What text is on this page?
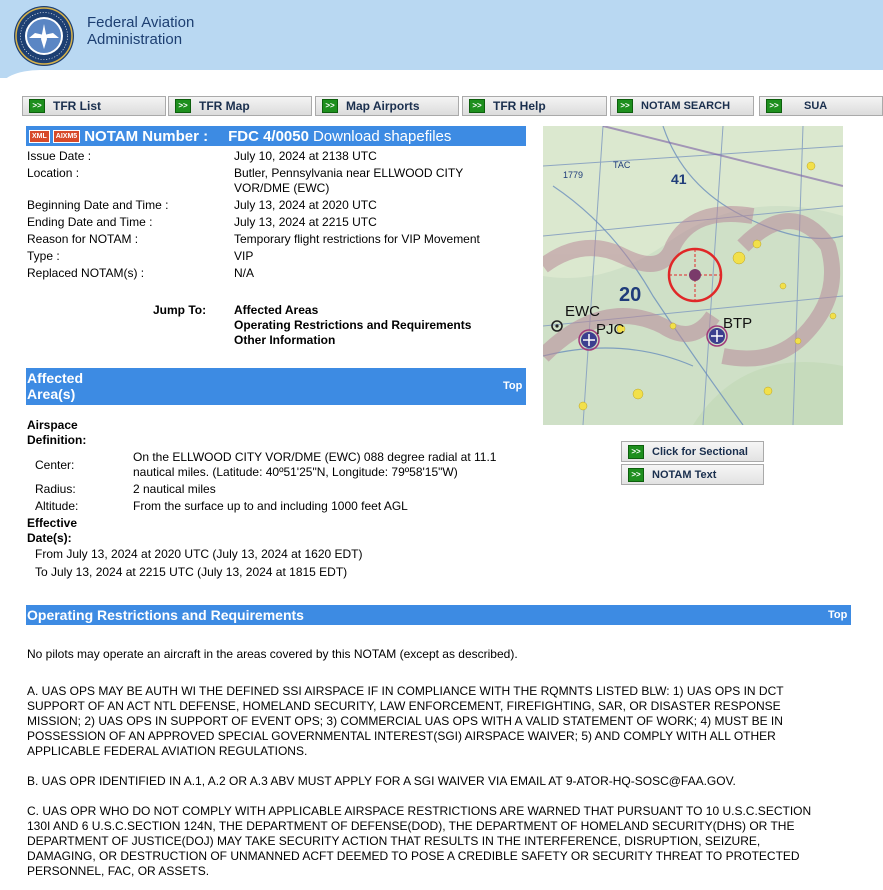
Federal Aviation
Administration
>> TFR List	>> TFR Map	>> Map Airports	>> TFR Help	>>	NOTAM SEARCH	>>	SUA
XML	AIXM5 NOTAM Number : FDC 4/0050 Download shapefiles
Issue Date :	July 10, 2024 at 2138 UTC
Location :	Butler, Pennsylvania near ELLWOOD CITY VOR/DME (EWC)
Beginning Date and Time :	July 13, 2024 at 2020 UTC
Ending Date and Time :	July 13, 2024 at 2215 UTC
Reason for NOTAM :	Temporary flight restrictions for VIP Movement
Type :	VIP
Replaced NOTAM(s) :	N/A
Jump To: Affected Areas
Operating Restrictions and Requirements
Other Information
Affected
Area(s)	Top
Airspace
Definition:
Center:
On the ELLWOOD CITY VOR/DME (EWC) 088 degree radial at 11.1 nautical miles. (Latitude: 40º51'25"N, Longitude: 79º58'15"W)
Radius:	2 nautical miles
Altitude:	From the surface up to and including 1000 feet AGL
Effective
Date(s):
From July 13, 2024 at 2020 UTC (July 13, 2024 at 1620 EDT)
To July 13, 2024 at 2215 UTC (July 13, 2024 at 1815 EDT)
EWC
PJC	BTP
20
1779
TAC
41
>>	Click for Sectional
>>	NOTAM Text
Operating Restrictions and Requirements	Top
No pilots may operate an aircraft in the areas covered by this NOTAM (except as described).
A. UAS OPS MAY BE AUTH WI THE DEFINED SSI AIRSPACE IF IN COMPLIANCE WITH THE RQMNTS LISTED BLW: 1) UAS OPS IN DCT SUPPORT OF AN ACT NTL DEFENSE, HOMELAND SECURITY, LAW ENFORCEMENT, FIREFIGHTING, SAR, OR DISASTER RESPONSE MISSION; 2) UAS OPS IN SUPPORT OF EVENT OPS; 3) COMMERCIAL UAS OPS WITH A VALID STATEMENT OF WORK; 4) MUST BE IN POSSESSION OF AN APPROVED SPECIAL GOVERNMENTAL INTEREST(SGI) AIRSPACE WAIVER; 5) AND COMPLY WITH ALL OTHER APPLICABLE FEDERAL AVIATION REGULATIONS.
B. UAS OPR IDENTIFIED IN A.1, A.2 OR A.3 ABV MUST APPLY FOR A SGI WAIVER VIA EMAIL AT 9-ATOR-HQ-SOSC@FAA.GOV.
C. UAS OPR WHO DO NOT COMPLY WITH APPLICABLE AIRSPACE RESTRICTIONS ARE WARNED THAT PURSUANT TO 10 U.S.C.SECTION 130I AND 6 U.S.C.SECTION 124N, THE DEPARTMENT OF DEFENSE(DOD), THE DEPARTMENT OF HOMELAND SECURITY(DHS) OR THE DEPARTMENT OF JUSTICE(DOJ) MAY TAKE SECURITY ACTION THAT RESULTS IN THE INTERFERENCE, DISRUPTION, SEIZURE, DAMAGING, OR DESTRUCTION OF UNMANNED ACFT DEEMED TO POSE A CREDIBLE SAFETY OR SECURITY THREAT TO PROTECTED PERSONNEL, FAC, OR ASSETS.
